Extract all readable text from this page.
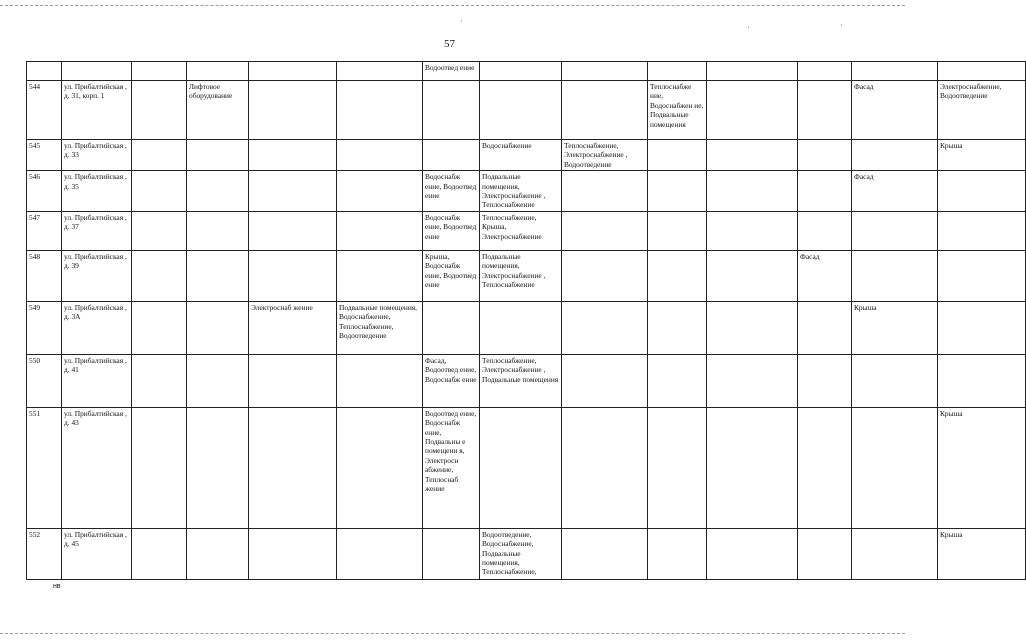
·
·	·
57
						Водоотвед ение							
544	ул. Прибалтийская , д. 31, корп. 1		Лифтовое оборудование						Теплоснабже ние, Водоснабжен ие, Подвальные помещения			Фасад	Электроснабжение, Водоотведение
545	ул. Прибалтийская , д. 33						Водоснабжение	Теплоснабжение, Электроснабжение , Водоотведение					Крыша
546	ул. Прибалтийская , д. 35					Водоснабж ение, Водоотвед ение	Подвальные помещения, Электроснабжение , Теплоснабжение					Фасад	
547	ул. Прибалтийская , д. 37					Водоснабж ение, Водоотвед ение	Теплоснабжение, Крыша, Электроснабжение						
548	ул. Прибалтийская , д. 39					Крыша, Водоснабж ение, Водоотвед ение	Подвальные помещения, Электроснабжение , Теплоснабжение				Фасад		
549	ул. Прибалтийская , д. 3А			Электроснаб жение	Подвальные помещения, Водоснабжение, Теплоснабжение, Водоотведение							Крыша	
550	ул. Прибалтийская , д. 41					Фасад, Водоотвед ение, Водоснабж ение	Теплоснабжение, Электроснабжение , Подвальные помещения						
551	ул. Прибалтийская , д. 43					Водоотвед ение, Водоснабж ение, Подвальны е помещени я, Электросн абжение, Теплоснаб жение							Крыша
552	ул. Прибалтийская , д. 45						Водоотведение, Водоснабжение, Подвальные помещения, Теплоснабжение,						Крыша
нв
